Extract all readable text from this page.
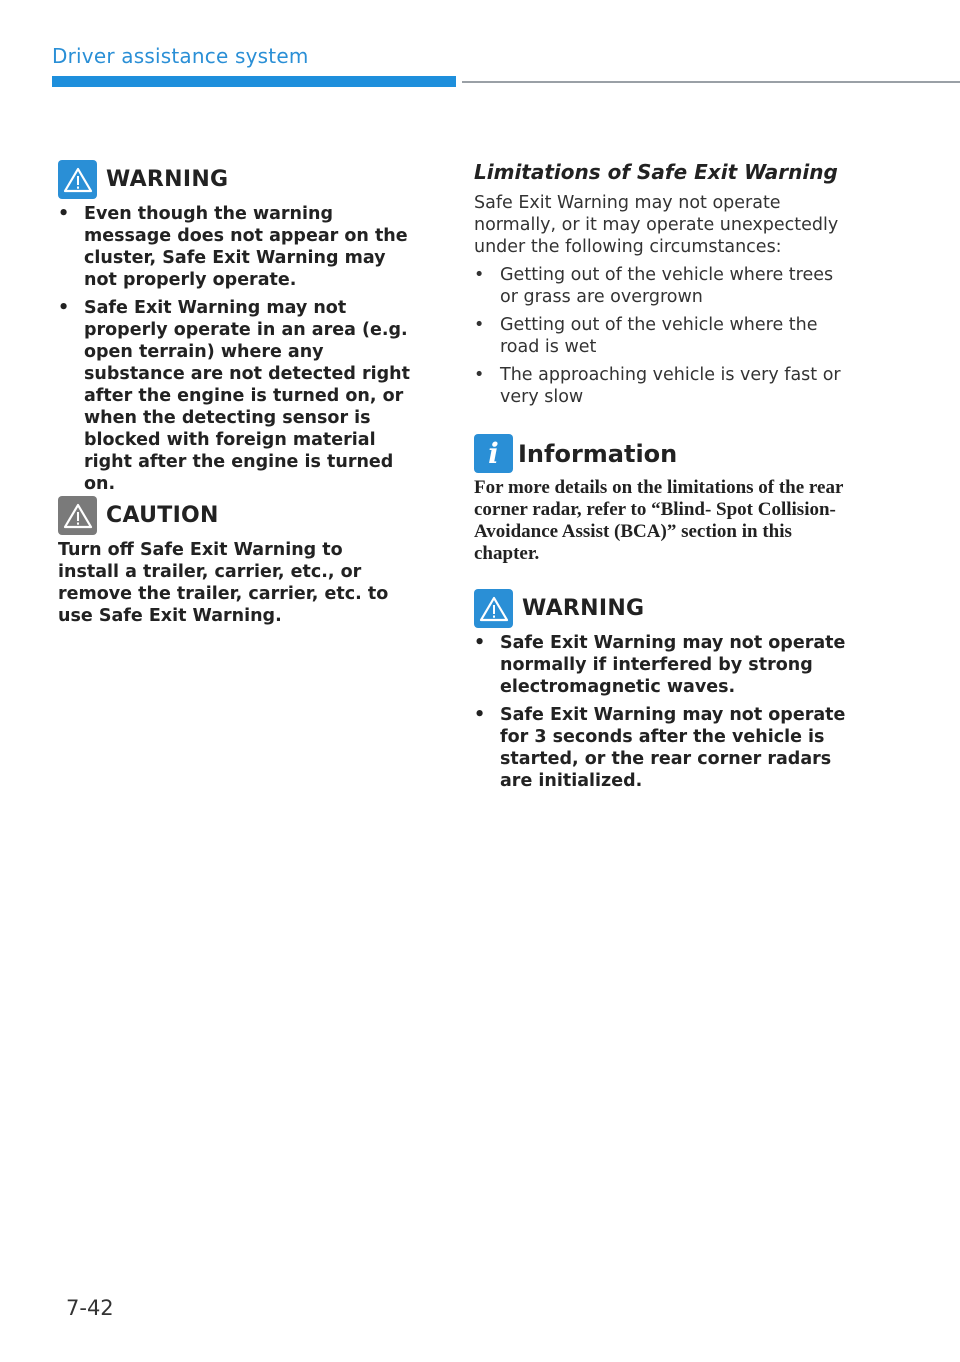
Driver assistance system
WARNING
• Even though the warning message does not appear on the cluster, Safe Exit Warning may not properly operate.
• Safe Exit Warning may not properly operate in an area (e.g. open terrain) where any substance are not detected right after the engine is turned on, or when the detecting sensor is blocked with foreign material right after the engine is turned on.
CAUTION
Turn off Safe Exit Warning to install a trailer, carrier, etc., or remove the trailer, carrier, etc. to use Safe Exit Warning.
Limitations of Safe Exit Warning
Safe Exit Warning may not operate normally, or it may operate unexpectedly under the following circumstances:
• Getting out of the vehicle where trees or grass are overgrown
• Getting out of the vehicle where the road is wet
• The approaching vehicle is very fast or very slow
i Information
For more details on the limitations of the rear corner radar, refer to “Blind- Spot Collision-Avoidance Assist (BCA)” section in this chapter.
WARNING
• Safe Exit Warning may not operate normally if interfered by strong electromagnetic waves.
• Safe Exit Warning may not operate for 3 seconds after the vehicle is started, or the rear corner radars are initialized.
7-42
